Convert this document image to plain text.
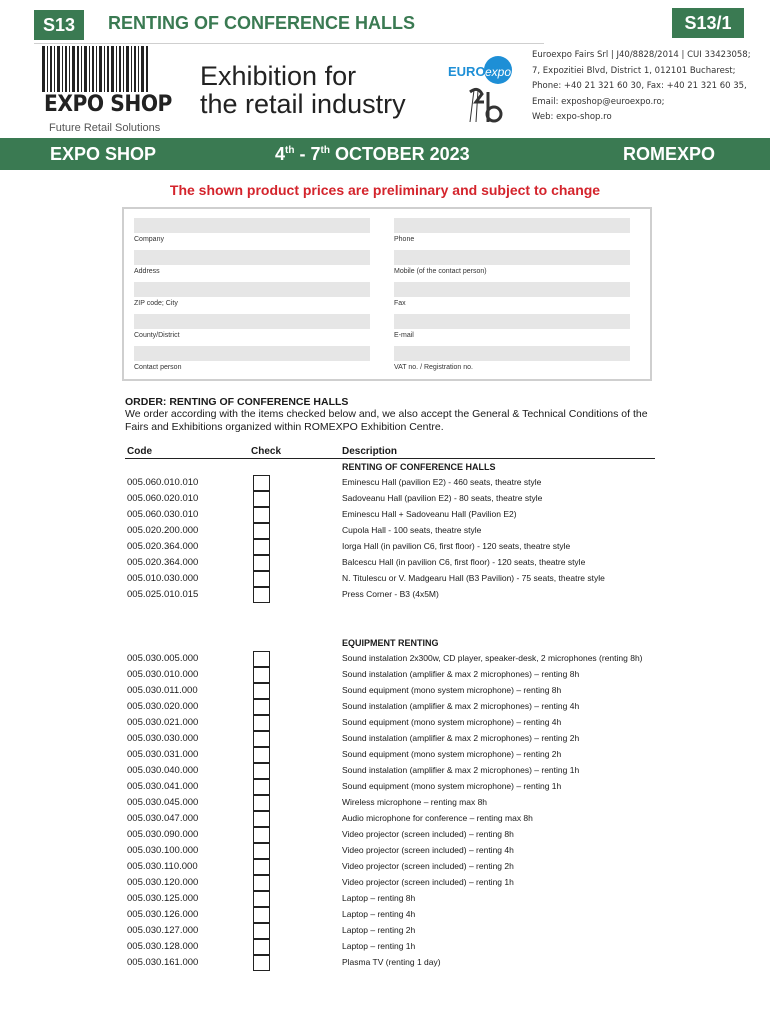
S13	RENTING OF CONFERENCE HALLS	S13/1
EXPO SHOP
Future Retail Solutions
Exhibition for
the retail industry
EURO expo
Euroexpo Fairs Srl | J40/8828/2014 | CUI 33423058;
7, Expozitiei Blvd, District 1, 012101 Bucharest;
Phone: +40 21 321 60 30, Fax: +40 21 321 60 35,
Email: exposhop@euroexpo.ro;
Web: expo-shop.ro
EXPO SHOP	4th - 7th OCTOBER 2023	ROMEXPO
The shown product prices are preliminary and subject to change
Company
Address
ZIP code; City
County/District
Contact person
Phone
Mobile (of the contact person)
Fax
E-mail
VAT no. / Registration no.
ORDER: RENTING OF CONFERENCE HALLS
We order according with the items checked below and, we also accept the General & Technical Conditions of the Fairs and Exhibitions organized within ROMEXPO Exhibition Centre.
Code	Check	Description
RENTING OF CONFERENCE HALLS
005.060.010.010	Eminescu Hall (pavilion E2) - 460 seats, theatre style
005.060.020.010	Sadoveanu Hall (pavilion E2) - 80 seats, theatre style
005.060.030.010	Eminescu Hall + Sadoveanu Hall (Pavilion E2)
005.020.200.000	Cupola Hall - 100 seats, theatre style
005.020.364.000	Iorga Hall (in pavilion C6, first floor) - 120 seats, theatre style
005.020.364.000	Balcescu Hall (in pavilion C6, first floor) - 120 seats, theatre style
005.010.030.000	N. Titulescu or V. Madgearu Hall (B3 Pavilion) - 75 seats, theatre style
005.025.010.015	Press Corner - B3 (4x5M)
EQUIPMENT RENTING
005.030.005.000	Sound instalation 2x300w, CD player, speaker-desk, 2 microphones (renting 8h)
005.030.010.000	Sound instalation (amplifier & max 2 microphones) – renting 8h
005.030.011.000	Sound equipment (mono system microphone) – renting 8h
005.030.020.000	Sound instalation (amplifier & max 2 microphones) – renting 4h
005.030.021.000	Sound equipment (mono system microphone) – renting 4h
005.030.030.000	Sound instalation (amplifier & max 2 microphones) – renting 2h
005.030.031.000	Sound equipment (mono system microphone) – renting 2h
005.030.040.000	Sound instalation (amplifier & max 2 microphones) – renting 1h
005.030.041.000	Sound equipment (mono system microphone) – renting 1h
005.030.045.000	Wireless microphone – renting max 8h
005.030.047.000	Audio microphone for conference – renting max 8h
005.030.090.000	Video projector (screen included) – renting 8h
005.030.100.000	Video projector (screen included) – renting 4h
005.030.110.000	Video projector (screen included) – renting 2h
005.030.120.000	Video projector (screen included) – renting 1h
005.030.125.000	Laptop – renting 8h
005.030.126.000	Laptop – renting 4h
005.030.127.000	Laptop – renting 2h
005.030.128.000	Laptop – renting 1h
005.030.161.000	Plasma TV (renting 1 day)
